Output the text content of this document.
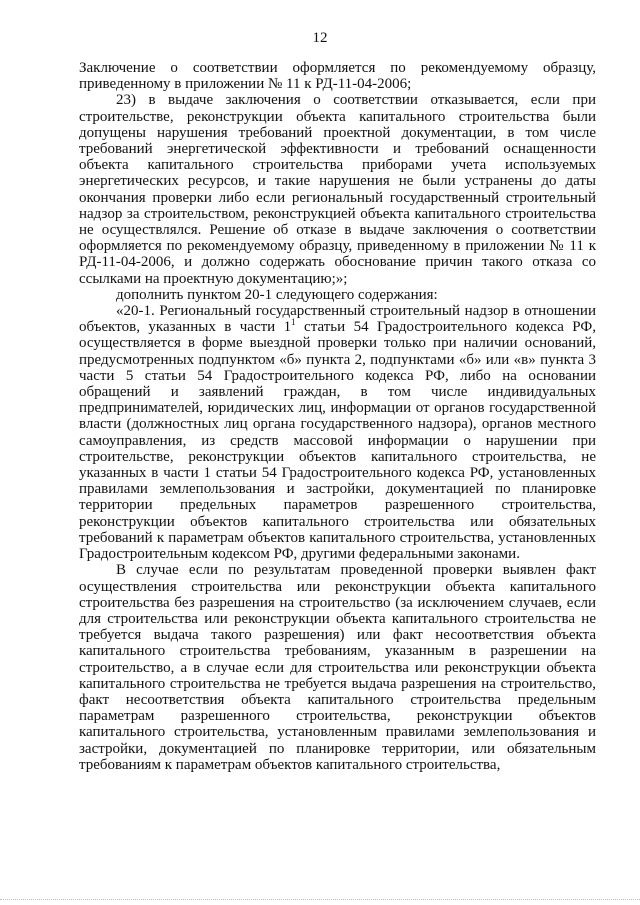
12

Заключение о соответствии оформляется по рекомендуемому образцу, приведенному в приложении № 11 к РД-11-04-2006;

23) в выдаче заключения о соответствии отказывается, если при строительстве, реконструкции объекта капитального строительства были допущены нарушения требований проектной документации, в том числе требований энергетической эффективности и требований оснащенности объекта капитального строительства приборами учета используемых энергетических ресурсов, и такие нарушения не были устранены до даты окончания проверки либо если региональный государственный строительный надзор за строительством, реконструкцией объекта капитального строительства не осуществлялся. Решение об отказе в выдаче заключения о соответствии оформляется по рекомендуемому образцу, приведенному в приложении № 11 к РД-11-04-2006, и должно содержать обоснование причин такого отказа со ссылками на проектную документацию;»;

дополнить пунктом 20-1 следующего содержания:

«20-1. Региональный государственный строительный надзор в отношении объектов, указанных в части $1^1$ статьи 54 Градостроительного кодекса РФ, осуществляется в форме выездной проверки только при наличии оснований, предусмотренных подпунктом «б» пункта 2, подпунктами «б» или «в» пункта 3 части 5 статьи 54 Градостроительного кодекса РФ, либо на основании обращений и заявлений граждан, в том числе индивидуальных предпринимателей, юридических лиц, информации от органов государственной власти (должностных лиц органа государственного надзора), органов местного самоуправления, из средств массовой информации о нарушении при строительстве, реконструкции объектов капитального строительства, не указанных в части 1 статьи 54 Градостроительного кодекса РФ, установленных правилами землепользования и застройки, документацией по планировке территории предельных параметров разрешенного строительства, реконструкции объектов капитального строительства или обязательных требований к параметрам объектов капитального строительства, установленных Градостроительным кодексом РФ, другими федеральными законами.

В случае если по результатам проведенной проверки выявлен факт осуществления строительства или реконструкции объекта капитального строительства без разрешения на строительство (за исключением случаев, если для строительства или реконструкции объекта капитального строительства не требуется выдача такого разрешения) или факт несоответствия объекта капитального строительства требованиям, указанным в разрешении на строительство, а в случае если для строительства или реконструкции объекта капитального строительства не требуется выдача разрешения на строительство, факт несоответствия объекта капитального строительства предельным параметрам разрешенного строительства, реконструкции объектов капитального строительства, установленным правилами землепользования и застройки, документацией по планировке территории, или обязательным требованиям к параметрам объектов капитального строительства,
